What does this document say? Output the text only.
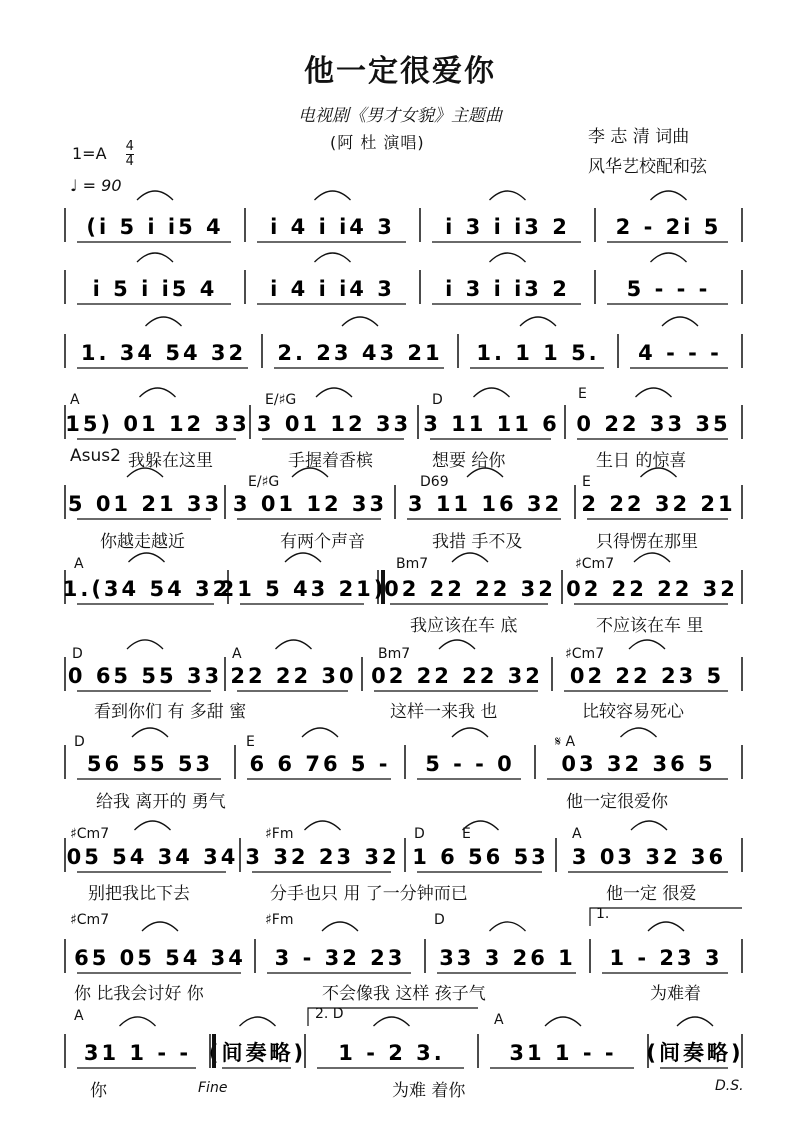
他一定很爱你
电视剧《男才女貌》主题曲
(阿 杜 演唱)	李 志 清 词曲
风华艺校配和弦
$1=A \frac{4}{4}$
♩ = 90
(i 5 i i5 4 i 4 i i4 3 i 3 i i3 2 2 - 2i 5
i 5 i i5 4	i 4 i i4 3 i 3 i i3 2	5 - - -
1. 34 54 32 2. 23 43 21 1. 1 1 5. 4 - - -
15) 01 12 33 3 01 12 33 3 11 11 6 0 22 33 35
5 01 21 33 3 01 12 33 3 11 16 32 2 22 32 21
1.(34 54 32
21 5 43 21)
02 22 22 32 02 22 22 32
0 65 55 33 22 22 30 02 22 22 32 02 22 23 5
56 55 53 6 6 76 5 - 5 - - 0 03 32 36 5
05 54 34 34 3 32 23 32 1 6 56 53 3 03 32 36
65 05 54 34 3 - 32 23 33 3 26 1 1 - 23 3
31 1 - - (间奏略) 1 - 2 3.	31 1 - - (间奏略)
Fine	D.S.
A	E/♯G	D	E
Asus2 我躲在这里	手握着香槟	想要 给你	生日 的惊喜
E/♯G	D69	E
你越走越近	有两个声音	我措 手不及	只得愣在那里
A	Bm7	♯Cm7
我应该在车 底	不应该在车 里
D	A	Bm7	♯Cm7
看到你们 有 多甜 蜜	这样一来我 也	比较容易死心
D	E	𝄋 A
给我 离开的 勇气	他一定很爱你
♯Cm7	♯Fm	D	E	A
别把我比下去	分手也只 用 了一分钟而已	他一定 很爱
♯Cm7	♯Fm	D	1.
你 比我会讨好 你	不会像我 这样 孩子气	为难着
A	2. D	A
你	为难 着你
